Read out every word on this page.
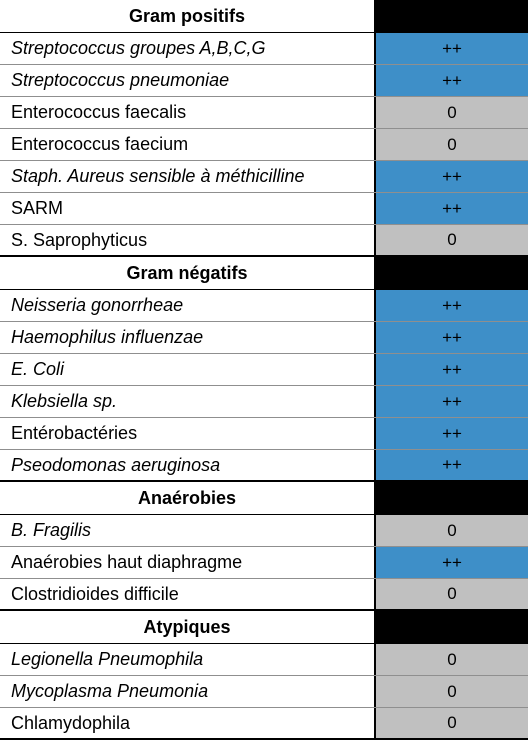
Gram positifs
Streptococcus groupes A,B,C,G	++
Streptococcus pneumoniae	++
Enterococcus faecalis	0
Enterococcus faecium	0
Staph. Aureus sensible à méthicilline	++
SARM	++
S. Saprophyticus	0
Gram négatifs
Neisseria gonorrheae	++
Haemophilus influenzae	++
E. Coli	++
Klebsiella sp.	++
Entérobactéries	++
Pseodomonas aeruginosa	++
Anaérobies
B. Fragilis	0
Anaérobies haut diaphragme	++
Clostridioides difficile	0
Atypiques
Legionella Pneumophila	0
Mycoplasma Pneumonia	0
Chlamydophila	0
